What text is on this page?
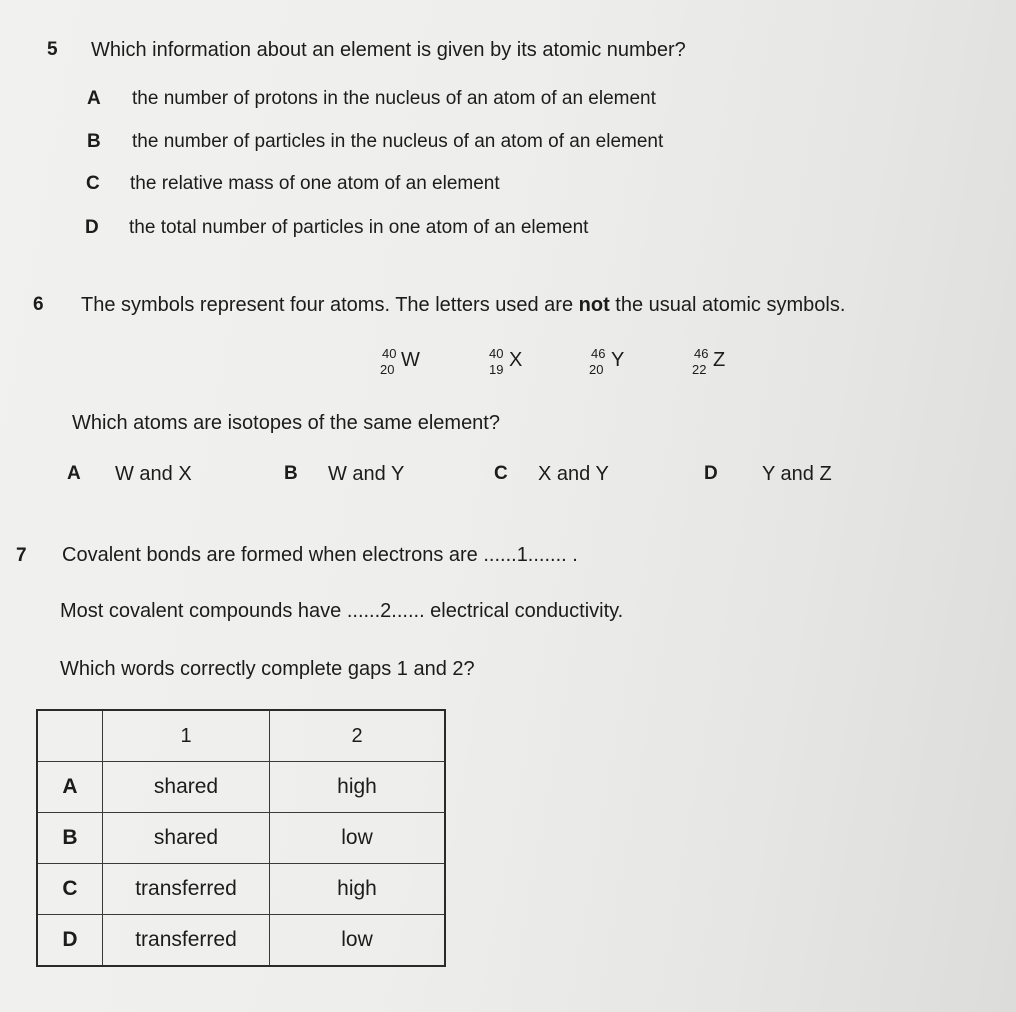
5 Which information about an element is given by its atomic number?
A the number of protons in the nucleus of an atom of an element
B the number of particles in the nucleus of an atom of an element
C the relative mass of one atom of an element
D the total number of particles in one atom of an element
6 The symbols represent four atoms. The letters used are not the usual atomic symbols.
40
20 W	40
19 X	46
20 Y	46
22 Z
Which atoms are isotopes of the same element?
A W and X	B W and Y	C X and Y	D Y and Z
7 Covalent bonds are formed when electrons are ......1....... .
Most covalent compounds have ......2...... electrical conductivity.
Which words correctly complete gaps 1 and 2?
	1	2
A	shared	high
B	shared	low
C	transferred	high
D	transferred	low
